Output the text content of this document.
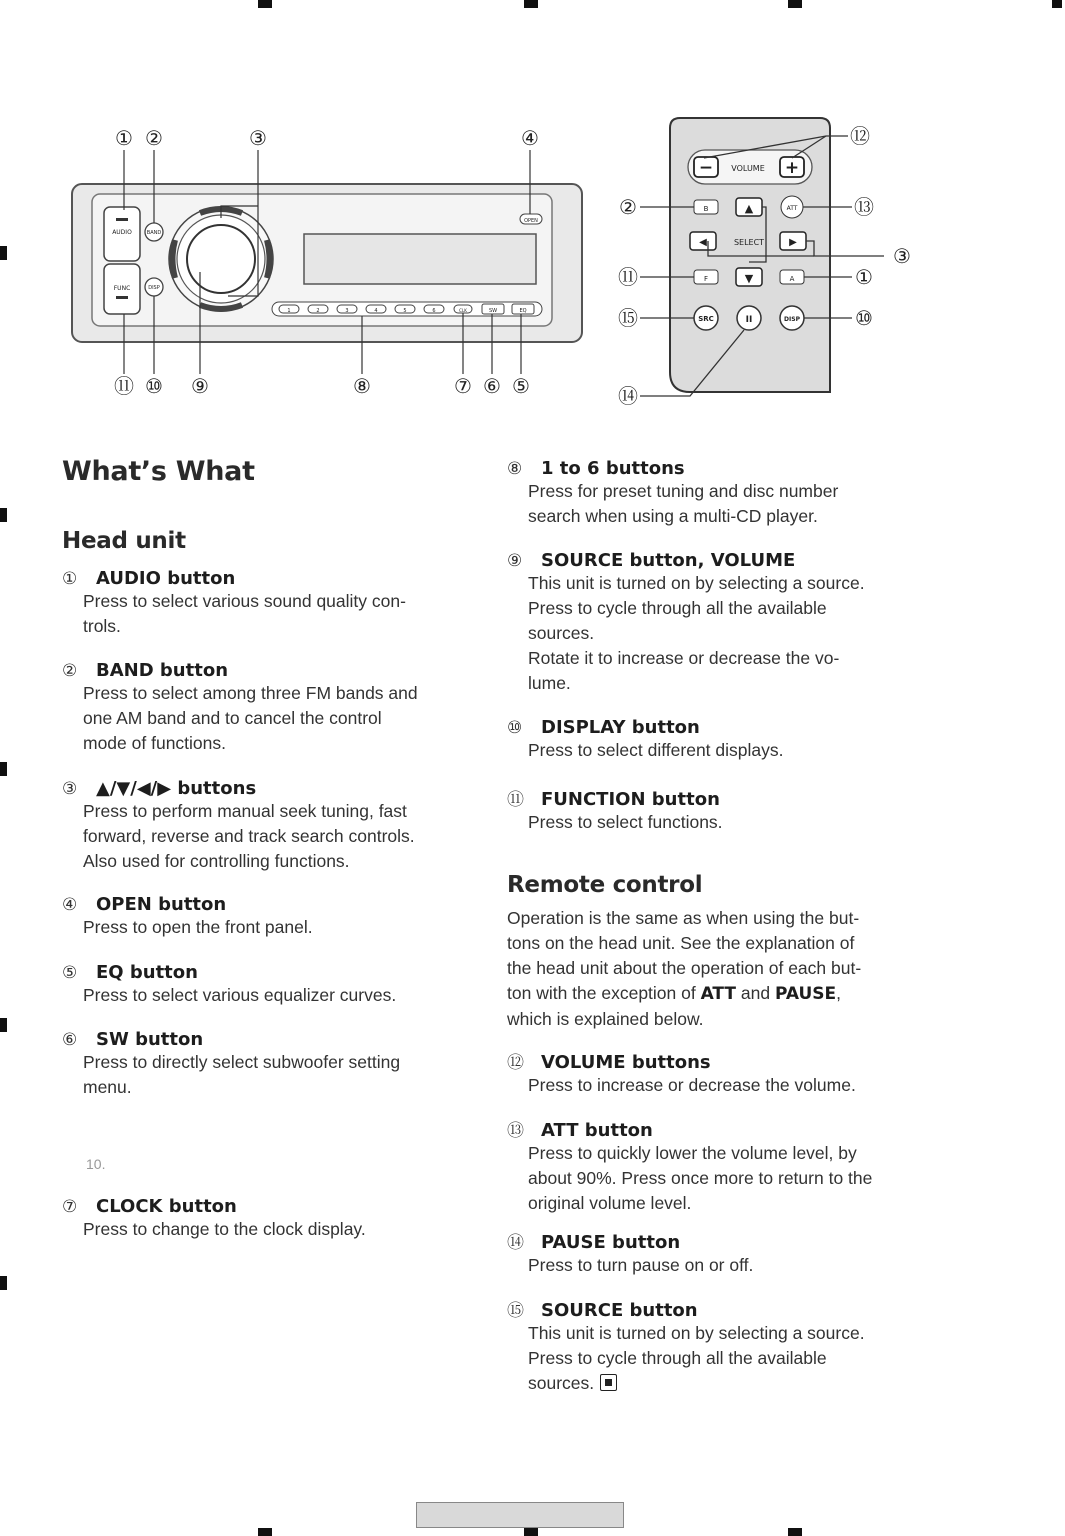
AUDIO
FUNC
BAND
DISP
OPEN
1	2	3	4	5	6	CLK	SW	EQ
① ②	③	④
⑪ ⑩ ⑨	⑧	⑦ ⑥ ⑤
− VOLUME +
B	▲	ATT
◀	SELECT	▶
F	▼	A
SRC	II	DISP
②
⑪
⑮
⑭
⑫
⑬
③
①
⑩
What’s What
Head unit
①	AUDIO button
Press to select various sound quality con-
trols.
②	BAND button
Press to select among three FM bands and
one AM band and to cancel the control
mode of functions.
③	▲/▼/◀/▶ buttons
Press to perform manual seek tuning, fast
forward, reverse and track search controls.
Also used for controlling functions.
④	OPEN button
Press to open the front panel.
⑤	EQ button
Press to select various equalizer curves.
⑥	SW button
Press to directly select subwoofer setting
menu.
10.
⑦	CLOCK button
Press to change to the clock display.
⑧	1 to 6 buttons
Press for preset tuning and disc number
search when using a multi-CD player.
⑨	SOURCE button, VOLUME
This unit is turned on by selecting a source.
Press to cycle through all the available
sources.
Rotate it to increase or decrease the vo-
lume.
⑩	DISPLAY button
Press to select different displays.
⑪ FUNCTION button
Press to select functions.
Remote control
Operation is the same as when using the but-
tons on the head unit. See the explanation of
the head unit about the operation of each but-
ton with the exception of ATT and PAUSE,
which is explained below.
⑫ VOLUME buttons
Press to increase or decrease the volume.
⑬ ATT button
Press to quickly lower the volume level, by
about 90%. Press once more to return to the
original volume level.
⑭ PAUSE button
Press to turn pause on or off.
⑮ SOURCE button
This unit is turned on by selecting a source.
Press to cycle through all the available
sources.
